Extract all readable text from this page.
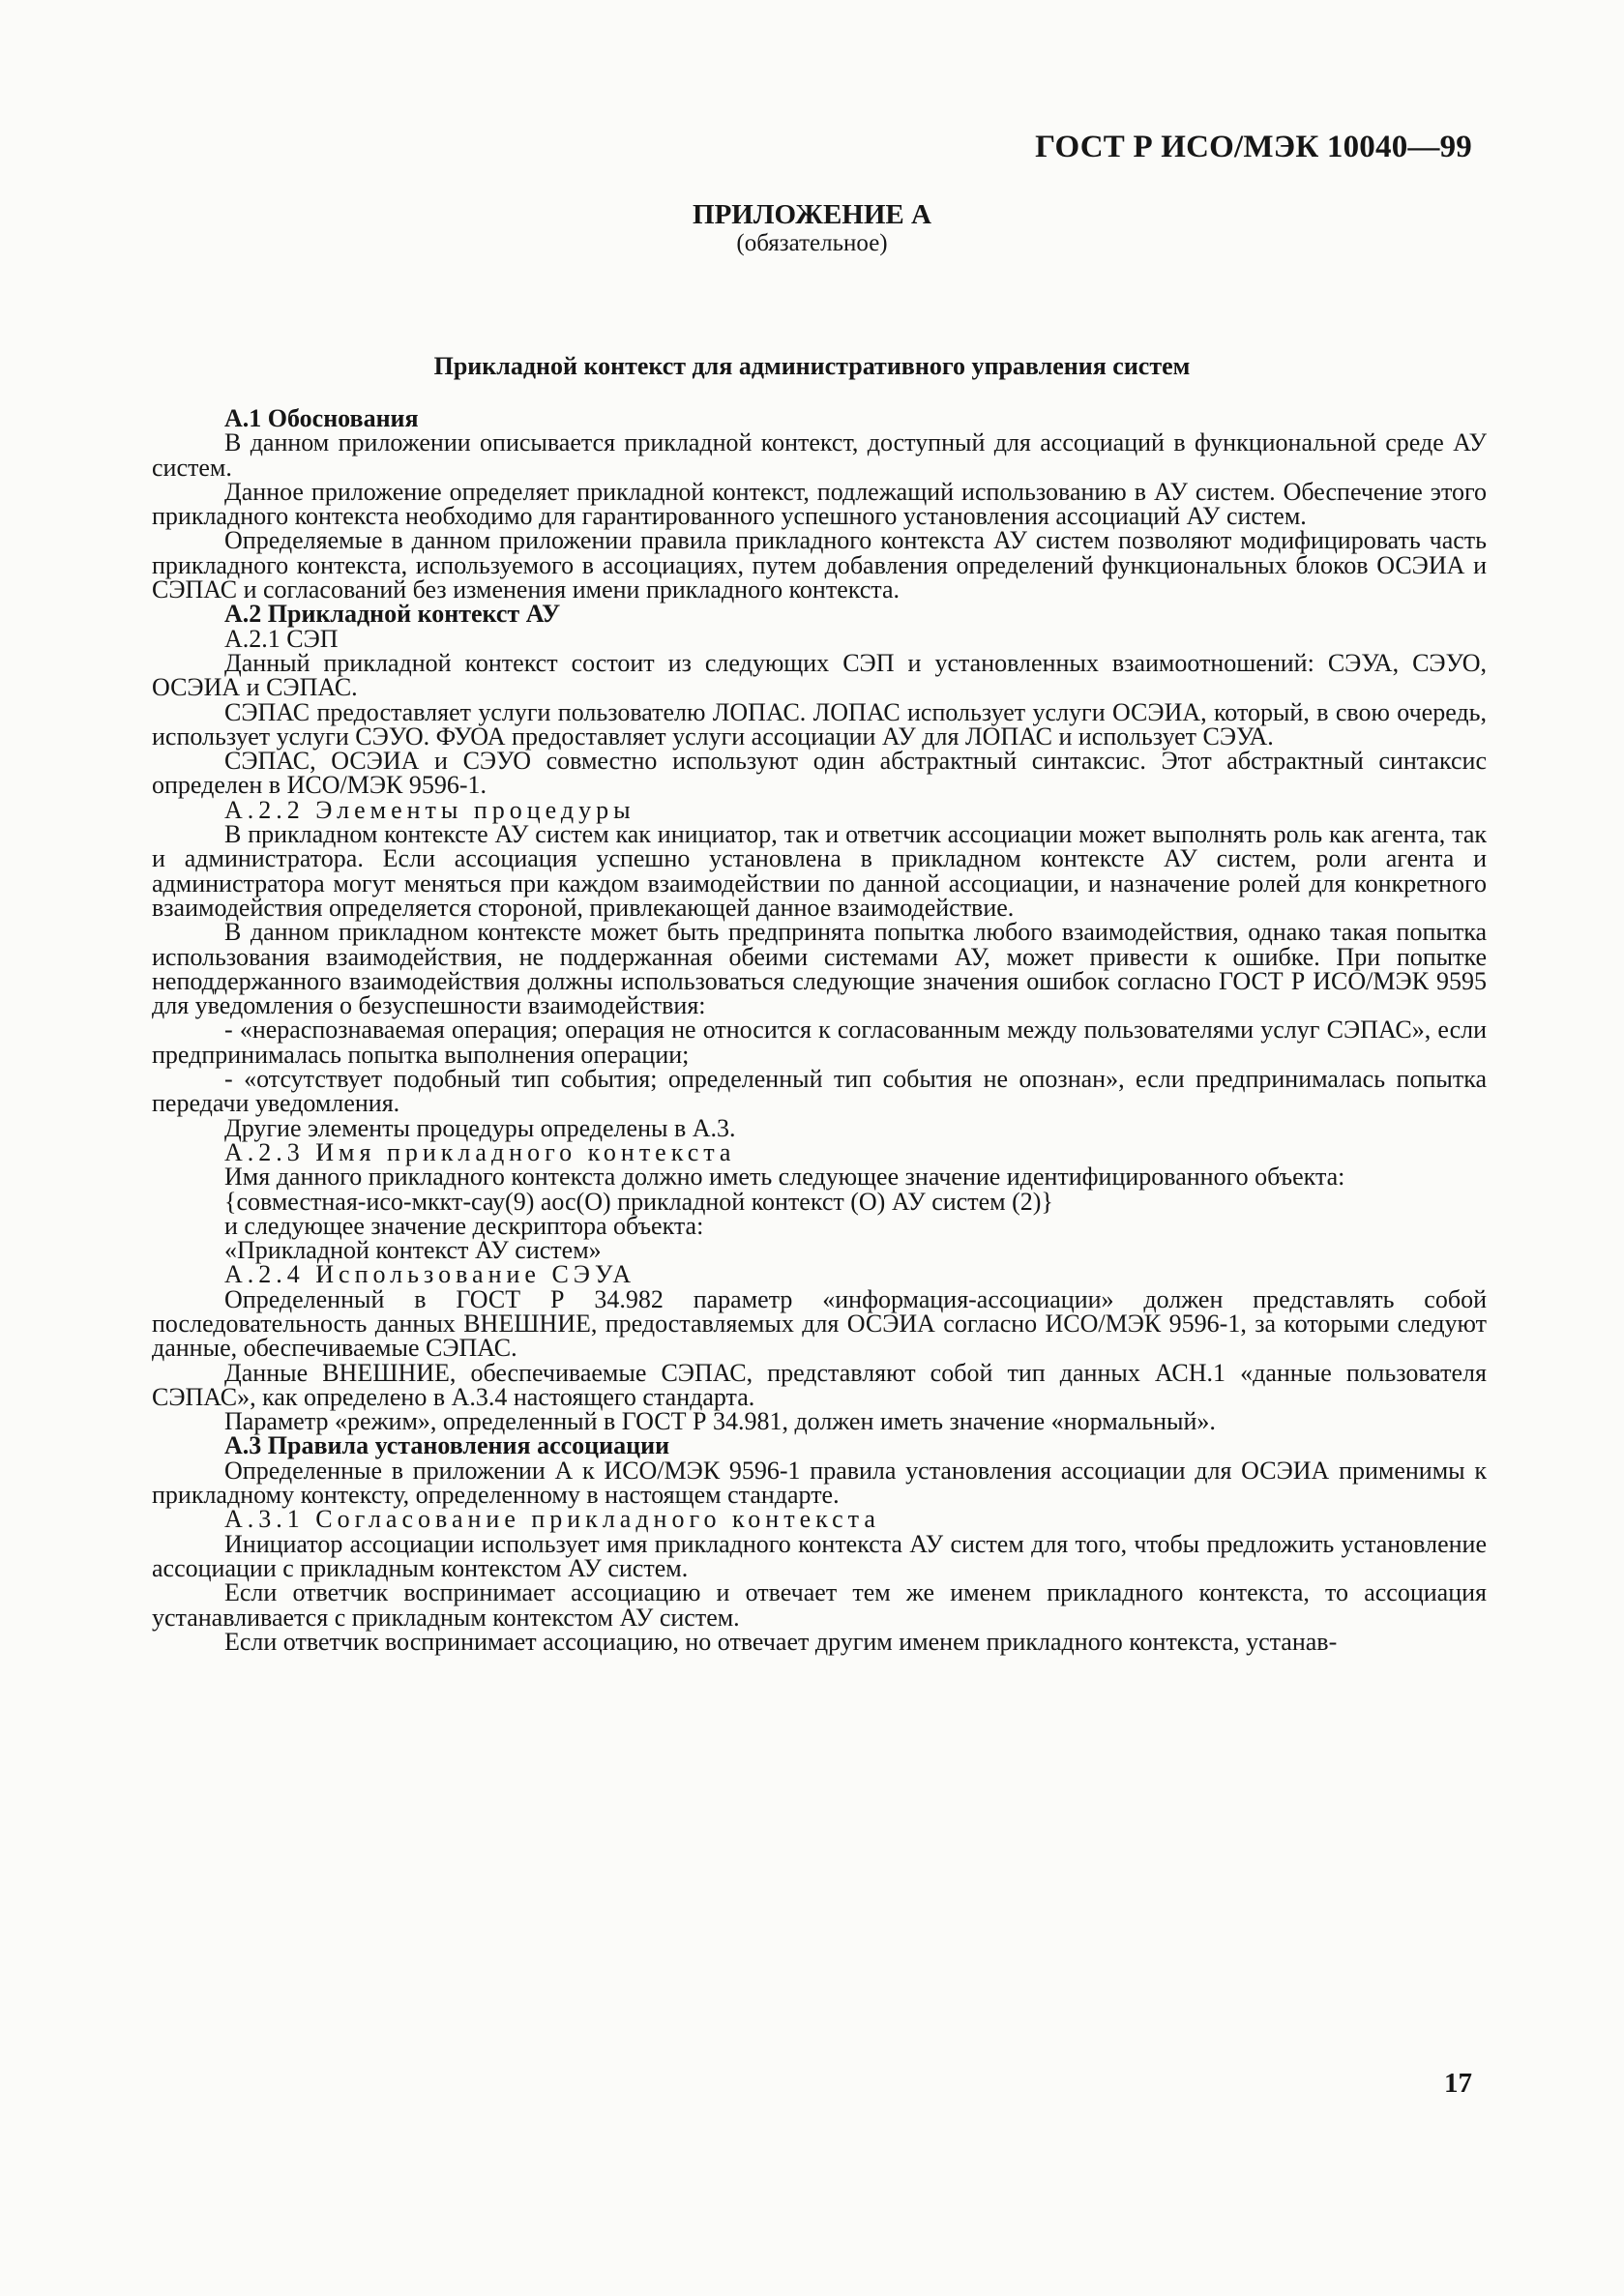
ГОСТ Р ИСО/МЭК 10040—99
ПРИЛОЖЕНИЕ А
(обязательное)
Прикладной контекст для административного управления систем
А.1 Обоснования

В данном приложении описывается прикладной контекст, доступный для ассоциаций в функциональной среде АУ систем.

Данное приложение определяет прикладной контекст, подлежащий использованию в АУ систем. Обеспечение этого прикладного контекста необходимо для гарантированного успешного установления ассоциаций АУ систем.

Определяемые в данном приложении правила прикладного контекста АУ систем позволяют модифицировать часть прикладного контекста, используемого в ассоциациях, путем добавления определений функциональных блоков ОСЭИА и СЭПАС и согласований без изменения имени прикладного контекста.

А.2 Прикладной контекст АУ
А.2.1 СЭП

Данный прикладной контекст состоит из следующих СЭП и установленных взаимоотношений: СЭУА, СЭУО, ОСЭИА и СЭПАС.

СЭПАС предоставляет услуги пользователю ЛОПАС. ЛОПАС использует услуги ОСЭИА, который, в свою очередь, использует услуги СЭУО. ФУОА предоставляет услуги ассоциации АУ для ЛОПАС и использует СЭУА.

СЭПАС, ОСЭИА и СЭУО совместно используют один абстрактный синтаксис. Этот абстрактный синтаксис определен в ИСО/МЭК 9596-1.

А.2.2 Элементы процедуры

В прикладном контексте АУ систем как инициатор, так и ответчик ассоциации может выполнять роль как агента, так и администратора. Если ассоциация успешно установлена в прикладном контексте АУ систем, роли агента и администратора могут меняться при каждом взаимодействии по данной ассоциации, и назначение ролей для конкретного взаимодействия определяется стороной, привлекающей данное взаимодействие.

В данном прикладном контексте может быть предпринята попытка любого взаимодействия, однако такая попытка использования взаимодействия, не поддержанная обеими системами АУ, может привести к ошибке. При попытке неподдержанного взаимодействия должны использоваться следующие значения ошибок согласно ГОСТ Р ИСО/МЭК 9595 для уведомления о безуспешности взаимодействия:

- «нераспознаваемая операция; операция не относится к согласованным между пользователями услуг СЭПАС», если предпринималась попытка выполнения операции;

- «отсутствует подобный тип события; определенный тип события не опознан», если предпринималась попытка передачи уведомления.

Другие элементы процедуры определены в А.3.

А.2.3 Имя прикладного контекста

Имя данного прикладного контекста должно иметь следующее значение идентифицированного объекта:

{совместная-исо-мккт-сау(9) аос(О) прикладной контекст (О) АУ систем (2)}

и следующее значение дескриптора объекта:

«Прикладной контекст АУ систем»

А.2.4 Использование СЭУА

Определенный в ГОСТ Р 34.982 параметр «информация-ассоциации» должен представлять собой последовательность данных ВНЕШНИЕ, предоставляемых для ОСЭИА согласно ИСО/МЭК 9596-1, за которыми следуют данные, обеспечиваемые СЭПАС.

Данные ВНЕШНИЕ, обеспечиваемые СЭПАС, представляют собой тип данных АСН.1 «данные пользователя СЭПАС», как определено в А.3.4 настоящего стандарта.

Параметр «режим», определенный в ГОСТ Р 34.981, должен иметь значение «нормальный».

А.3 Правила установления ассоциации

Определенные в приложении А к ИСО/МЭК 9596-1 правила установления ассоциации для ОСЭИА применимы к прикладному контексту, определенному в настоящем стандарте.

А.3.1 Согласование прикладного контекста

Инициатор ассоциации использует имя прикладного контекста АУ систем для того, чтобы предложить установление ассоциации с прикладным контекстом АУ систем.

Если ответчик воспринимает ассоциацию и отвечает тем же именем прикладного контекста, то ассоциация устанавливается с прикладным контекстом АУ систем.

Если ответчик воспринимает ассоциацию, но отвечает другим именем прикладного контекста, устанав-

17
